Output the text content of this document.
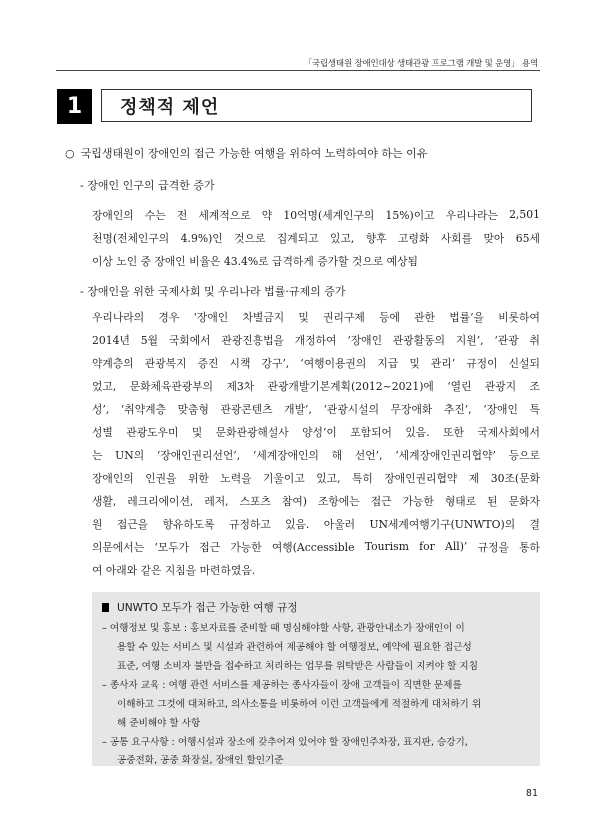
「국립생태원 장애인대상 생태관광 프로그램 개발 및 운영」 용역
1	정책적 제언
○ 국립생태원이 장애인의 접근 가능한 여행을 위하여 노력하여야 하는 이유
- 장애인 인구의 급격한 증가
장애인의 수는 전 세계적으로 약 10억명(세계인구의 15%)이고 우리나라는 2,501
천명(전체인구의 4.9%)인 것으로 집계되고 있고, 향후 고령화 사회를 맞아 65세
이상 노인 중 장애인 비율은 43.4%로 급격하게 증가할 것으로 예상됨
- 장애인을 위한 국제사회 및 우리나라 법률·규제의 증가
우리나라의 경우 ‘장애인 차별금지 및 권리구제 등에 관한 법률’을 비롯하여
2014년 5월 국회에서 관광진흥법을 개정하여 ‘장애인 관광활동의 지원’, ‘관광 취
약계층의 관광복지 증진 시책 강구’, ‘여행이용권의 지급 및 관리’ 규정이 신설되
었고, 문화체육관광부의 제3차 관광개발기본계획(2012~2021)에 ‘열린 관광지 조
성’, ‘취약계층 맞춤형 관광콘텐츠 개발’, ‘관광시설의 무장애화 추진’, ‘장애인 특
성별 관광도우미 및 문화관광해설사 양성’이 포함되어 있음. 또한 국제사회에서
는 UN의 ‘장애인권리선언’, ‘세계장애인의 해 선언’, ‘세계장애인권리협약’ 등으로
장애인의 인권을 위한 노력을 기울이고 있고, 특히 장애인권리협약 제 30조(문화
생활, 레크리에이션, 레저, 스포츠 참여) 조항에는 접근 가능한 형태로 된 문화자
원 접근을 향유하도록 규정하고 있음. 아울러 UN세계여행기구(UNWTO)의 결
의문에서는 ‘모두가 접근 가능한 여행(Accessible Tourism for All)’ 규정을 통하
여 아래와 같은 지침을 마련하였음.
UNWTO 모두가 접근 가능한 여행 규정
– 여행정보 및 홍보 : 홍보자료를 준비할 때 명심해야할 사항, 관광안내소가 장애인이 이
용할 수 있는 서비스 및 시설과 관련하여 제공해야 할 여행정보, 예약에 필요한 접근성
표준, 여행 소비자 불만을 접수하고 처리하는 업무를 위탁받은 사람들이 지켜야 할 지침
– 종사자 교육 : 여행 관련 서비스를 제공하는 종사자들이 장애 고객들이 직면한 문제를
이해하고 그것에 대처하고, 의사소통을 비롯하여 이런 고객들에게 적절하게 대처하기 위
해 준비해야 할 사항
– 공통 요구사항 : 여행시설과 장소에 갖추어져 있어야 할 장애인주차장, 표지판, 승강기,
공중전화, 공중 화장실, 장애인 할인기준
81
